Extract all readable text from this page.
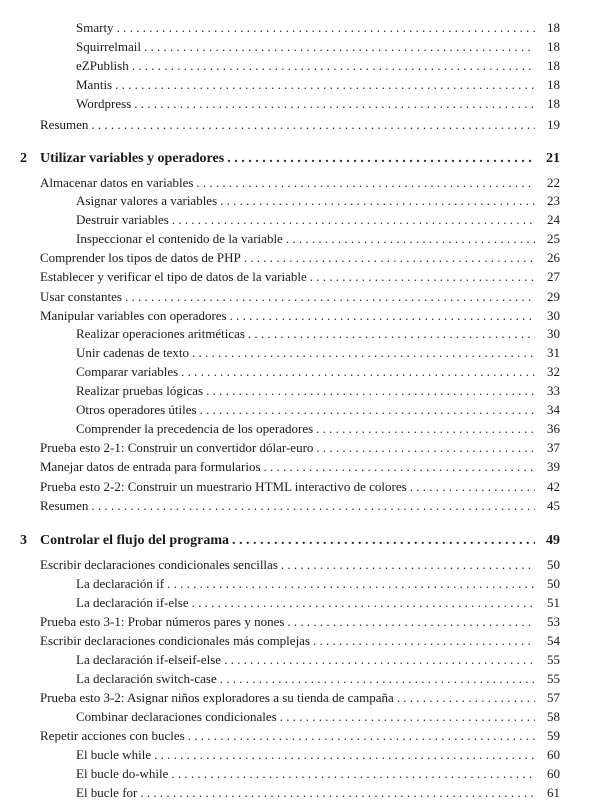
Smarty . . .	18
Squirrelmail . . .	18
eZPublish . . .	18
Mantis . . .	18
Wordpress . . .	18
Resumen . . .	19
2 Utilizar variables y operadores . . .	21
Almacenar datos en variables . . .	22
Asignar valores a variables . . .	23
Destruir variables . . .	24
Inspeccionar el contenido de la variable . . .	25
Comprender los tipos de datos de PHP . . .	26
Establecer y verificar el tipo de datos de la variable . . .	27
Usar constantes . . .	29
Manipular variables con operadores . . .	30
Realizar operaciones aritméticas . . .	30
Unir cadenas de texto . . .	31
Comparar variables . . .	32
Realizar pruebas lógicas . . .	33
Otros operadores útiles . . .	34
Comprender la precedencia de los operadores . . .	36
Prueba esto 2-1: Construir un convertidor dólar-euro . . .	37
Manejar datos de entrada para formularios . . .	39
Prueba esto 2-2: Construir un muestrario HTML interactivo de colores . . .	42
Resumen . . .	45
3 Controlar el flujo del programa . . .	49
Escribir declaraciones condicionales sencillas . . .	50
La declaración if . . .	50
La declaración if-else . . .	51
Prueba esto 3-1: Probar números pares y nones . . .	53
Escribir declaraciones condicionales más complejas . . .	54
La declaración if-elseif-else . . .	55
La declaración switch-case . . .	55
Prueba esto 3-2: Asignar niños exploradores a su tienda de campaña . . .	57
Combinar declaraciones condicionales . . .	58
Repetir acciones con bucles . . .	59
El bucle while . . .	60
El bucle do-while . . .	60
El bucle for . . .	61
